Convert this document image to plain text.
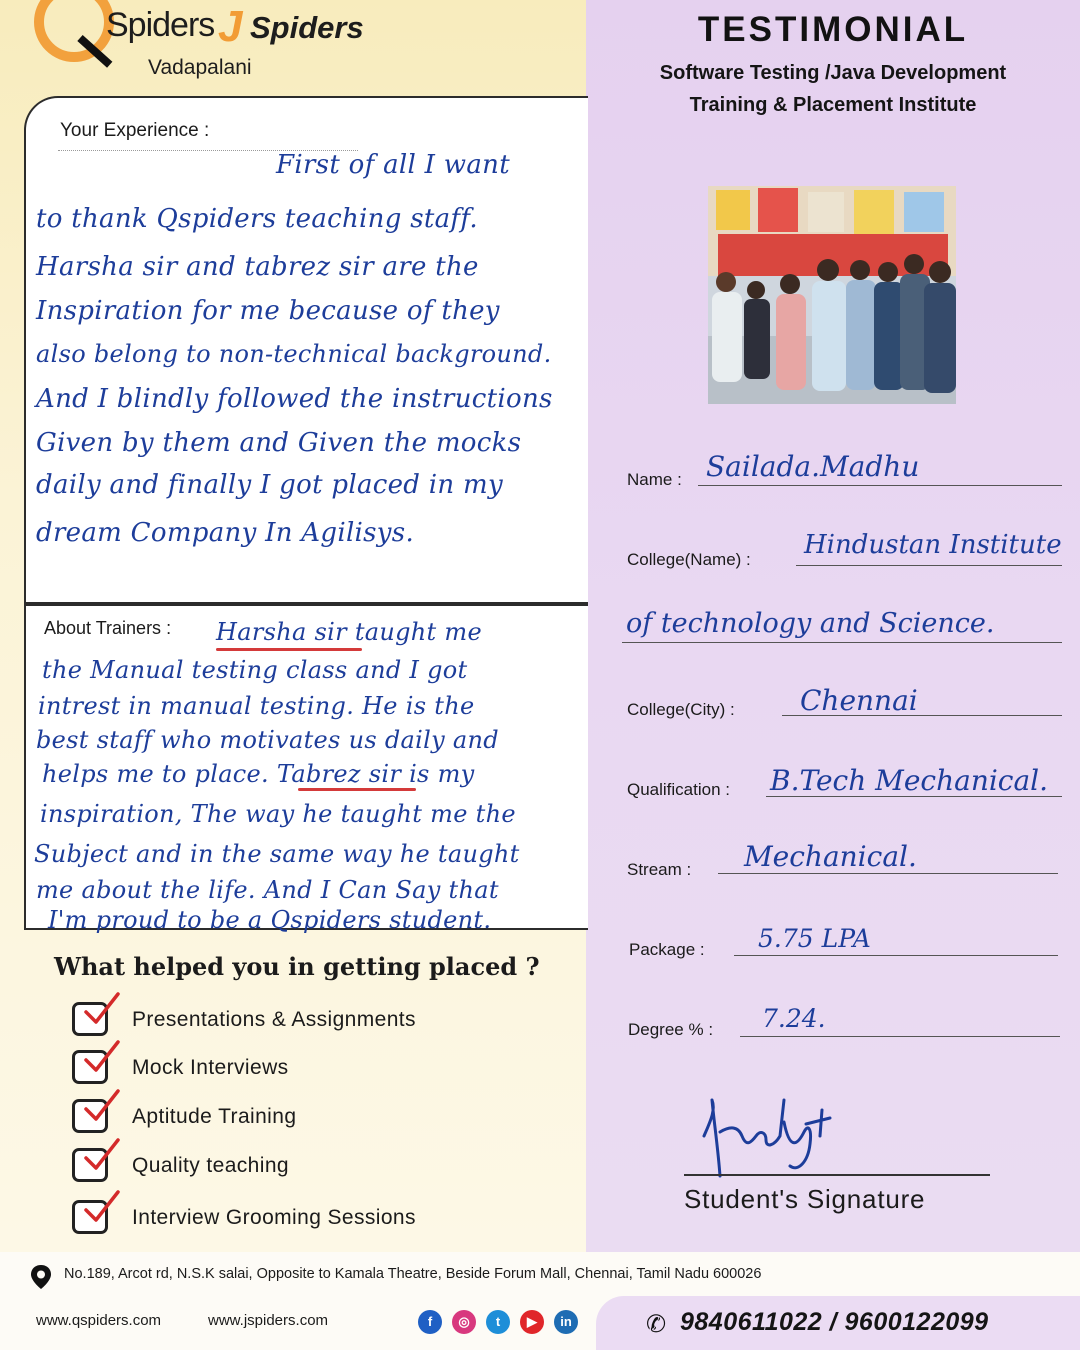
Spiders J Spiders
Vadapalani
TESTIMONIAL
Software Testing /Java Development
Training & Placement Institute
Your Experience :
First of all I want
to thank Qspiders teaching staff.
Harsha sir and tabrez sir are the
Inspiration for me because of they
also belong to non-technical background.
And I blindly followed the instructions
Given by them and Given the mocks
daily and finally I got placed in my
dream Company In Agilisys.
About Trainers : Harsha sir taught me
the Manual testing class and I got
intrest in manual testing. He is the
best staff who motivates us daily and
helps me to place. Tabrez sir is my
inspiration, The way he taught me the
Subject and in the same way he taught
me about the life. And I Can Say that
I'm proud to be a Qspiders student.
What helped you in getting placed ?
Presentations & Assignments
Mock Interviews
Aptitude Training
Quality teaching
Interview Grooming Sessions
Name : Sailada.Madhu
College(Name) : Hindustan Institute
of technology and Science.
College(City) : Chennai
Qualification : B.Tech Mechanical.
Stream : Mechanical.
Package : 5.75 LPA
Degree % : 7.24.
Student's Signature
No.189, Arcot rd, N.S.K salai, Opposite to Kamala Theatre, Beside Forum Mall, Chennai, Tamil Nadu 600026
www.qspiders.com	www.jspiders.com	f	◎	t	▶	in	✆ 9840611022 / 9600122099
